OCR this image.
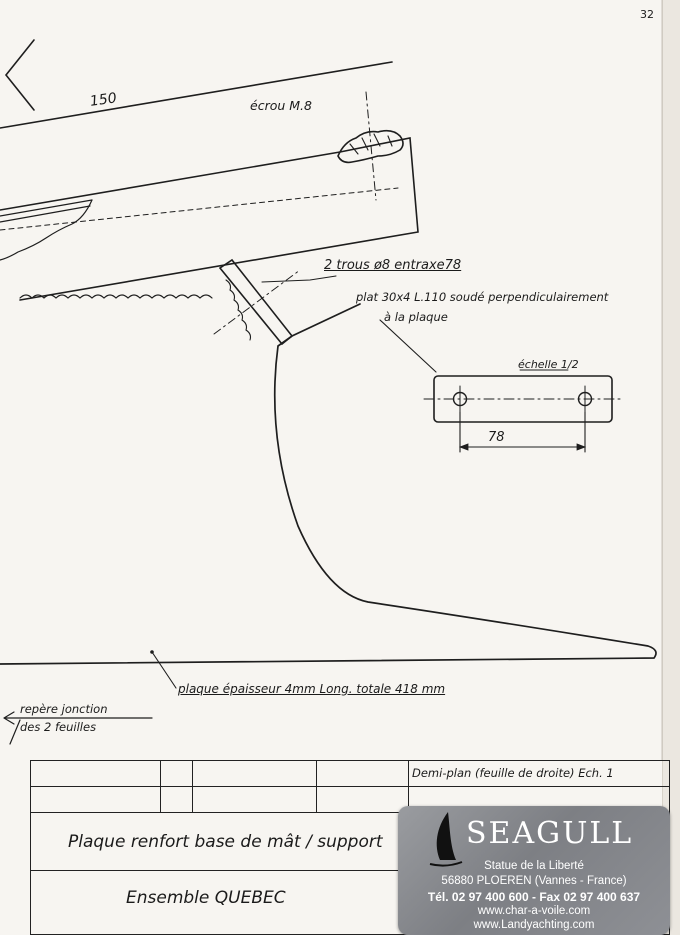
32
150	écrou M.8
2 trous ø8 entraxe78
plat 30x4 L.110 soudé perpendiculairement
à la plaque
échelle 1/2
78
plaque épaisseur 4mm Long. totale 418 mm
repère jonction
des 2 feuilles
Demi-plan (feuille de droite) Ech. 1
Plaque renfort base de mât / support
Ensemble QUEBEC
SEAGULL
Statue de la Liberté
56880 PLOEREN (Vannes - France)
Tél. 02 97 400 600 - Fax 02 97 400 637
www.char-a-voile.com
www.Landyachting.com
